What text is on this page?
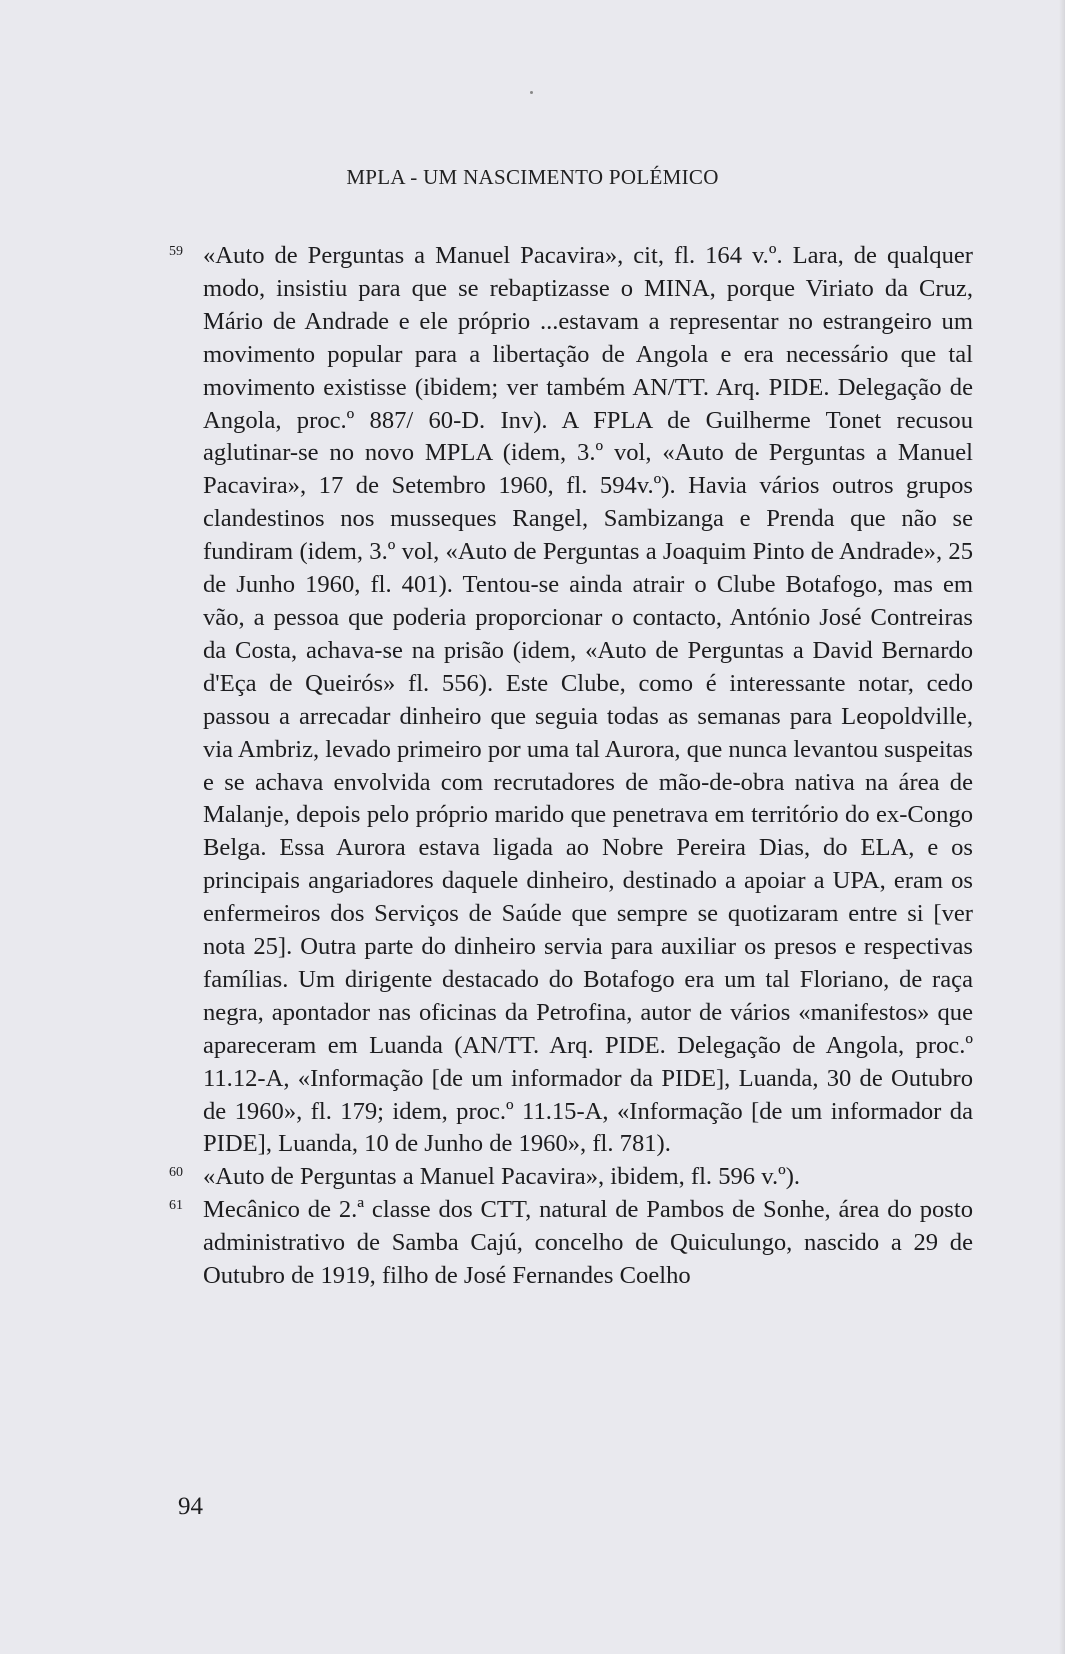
MPLA - UM NASCIMENTO POLÉMICO

59 «Auto de Perguntas a Manuel Pacavira», cit, fl. 164 v.º. Lara, de qualquer modo, insistiu para que se rebaptizasse o MINA, porque Viriato da Cruz, Mário de Andrade e ele próprio ...estavam a representar no estrangeiro um movimento popular para a libertação de Angola e era necessário que tal movimento existisse (ibidem; ver também AN/TT. Arq. PIDE. Delegação de Angola, proc.º 887/ 60-D. Inv). A FPLA de Guilherme Tonet recusou aglutinar-se no novo MPLA (idem, 3.º vol, «Auto de Perguntas a Manuel Pacavira», 17 de Setembro 1960, fl. 594v.º). Havia vários outros grupos clandestinos nos musseques Rangel, Sambizanga e Prenda que não se fundiram (idem, 3.º vol, «Auto de Perguntas a Joaquim Pinto de Andrade», 25 de Junho 1960, fl. 401). Tentou-se ainda atrair o Clube Botafogo, mas em vão, a pessoa que poderia proporcionar o contacto, António José Contreiras da Costa, achava-se na prisão (idem, «Auto de Perguntas a David Bernardo d'Eça de Queirós» fl. 556). Este Clube, como é interessante notar, cedo passou a arrecadar dinheiro que seguia todas as semanas para Leopoldville, via Ambriz, levado primeiro por uma tal Aurora, que nunca levantou suspeitas e se achava envolvida com recrutadores de mão-de-obra nativa na área de Malanje, depois pelo próprio marido que penetrava em território do ex-Congo Belga. Essa Aurora estava ligada ao Nobre Pereira Dias, do ELA, e os principais angariadores daquele dinheiro, destinado a apoiar a UPA, eram os enfermeiros dos Serviços de Saúde que sempre se quotizaram entre si [ver nota 25]. Outra parte do dinheiro servia para auxiliar os presos e respectivas famílias. Um dirigente destacado do Botafogo era um tal Floriano, de raça negra, apontador nas oficinas da Petrofina, autor de vários «manifestos» que apareceram em Luanda (AN/TT. Arq. PIDE. Delegação de Angola, proc.º 11.12-A, «Informação [de um informador da PIDE], Luanda, 30 de Outubro de 1960», fl. 179; idem, proc.º 11.15-A, «Informação [de um informador da PIDE], Luanda, 10 de Junho de 1960», fl. 781).

60 «Auto de Perguntas a Manuel Pacavira», ibidem, fl. 596 v.º).

61 Mecânico de 2.ª classe dos CTT, natural de Pambos de Sonhe, área do posto administrativo de Samba Cajú, concelho de Quiculungo, nascido a 29 de Outubro de 1919, filho de José Fernandes Coelho

94
